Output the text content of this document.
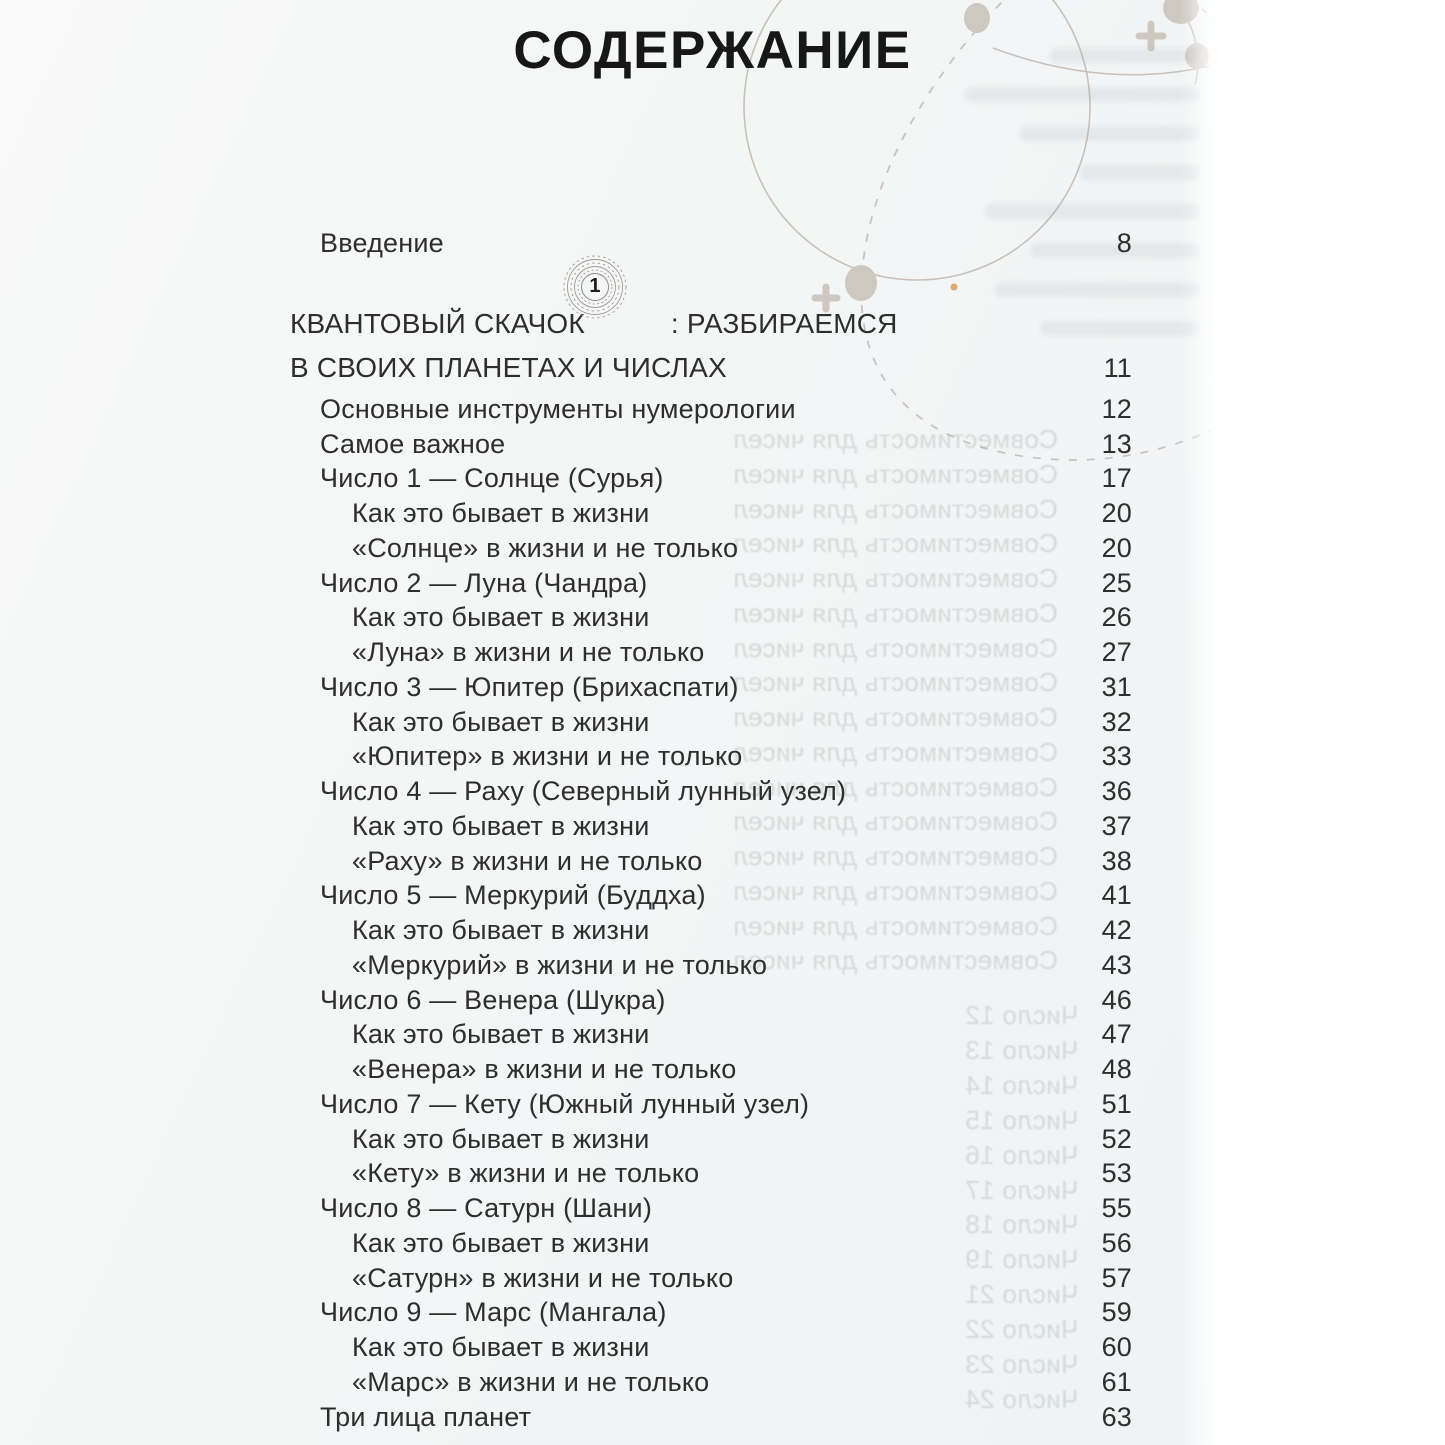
Совместимость для чисел
Совместимость для чисел
Совместимость для чисел
Совместимость для чисел
Совместимость для чисел
Совместимость для чисел
Совместимость для чисел
Совместимость для чисел
Совместимость для чисел
Совместимость для чисел
Совместимость для чисел
Совместимость для чисел
Совместимость для чисел
Совместимость для чисел
Совместимость для чисел
Совместимость для чисел
Число 12
Число 13
Число 14
Число 15
Число 16
Число 17
Число 18
Число 19
Число 21
Число 22
Число 23
Число 24
СОДЕРЖАНИЕ
Введение	8
КВАНТОВЫЙ СКАЧОК	: РАЗБИРАЕМСЯ
1
В СВОИХ ПЛАНЕТАХ И ЧИСЛАХ	11
Основные инструменты нумерологии	12
Самое важное	13
Число 1 — Солнце (Сурья)	17
Как это бывает в жизни	20
«Солнце» в жизни и не только	20
Число 2 — Луна (Чандра)	25
Как это бывает в жизни	26
«Луна» в жизни и не только	27
Число 3 — Юпитер (Брихаспати)	31
Как это бывает в жизни	32
«Юпитер» в жизни и не только	33
Число 4 — Раху (Северный лунный узел)	36
Как это бывает в жизни	37
«Раху» в жизни и не только	38
Число 5 — Меркурий (Буддха)	41
Как это бывает в жизни	42
«Меркурий» в жизни и не только	43
Число 6 — Венера (Шукра)	46
Как это бывает в жизни	47
«Венера» в жизни и не только	48
Число 7 — Кету (Южный лунный узел)	51
Как это бывает в жизни	52
«Кету» в жизни и не только	53
Число 8 — Сатурн (Шани)	55
Как это бывает в жизни	56
«Сатурн» в жизни и не только	57
Число 9 — Марс (Мангала)	59
Как это бывает в жизни	60
«Марс» в жизни и не только	61
Три лица планет	63
